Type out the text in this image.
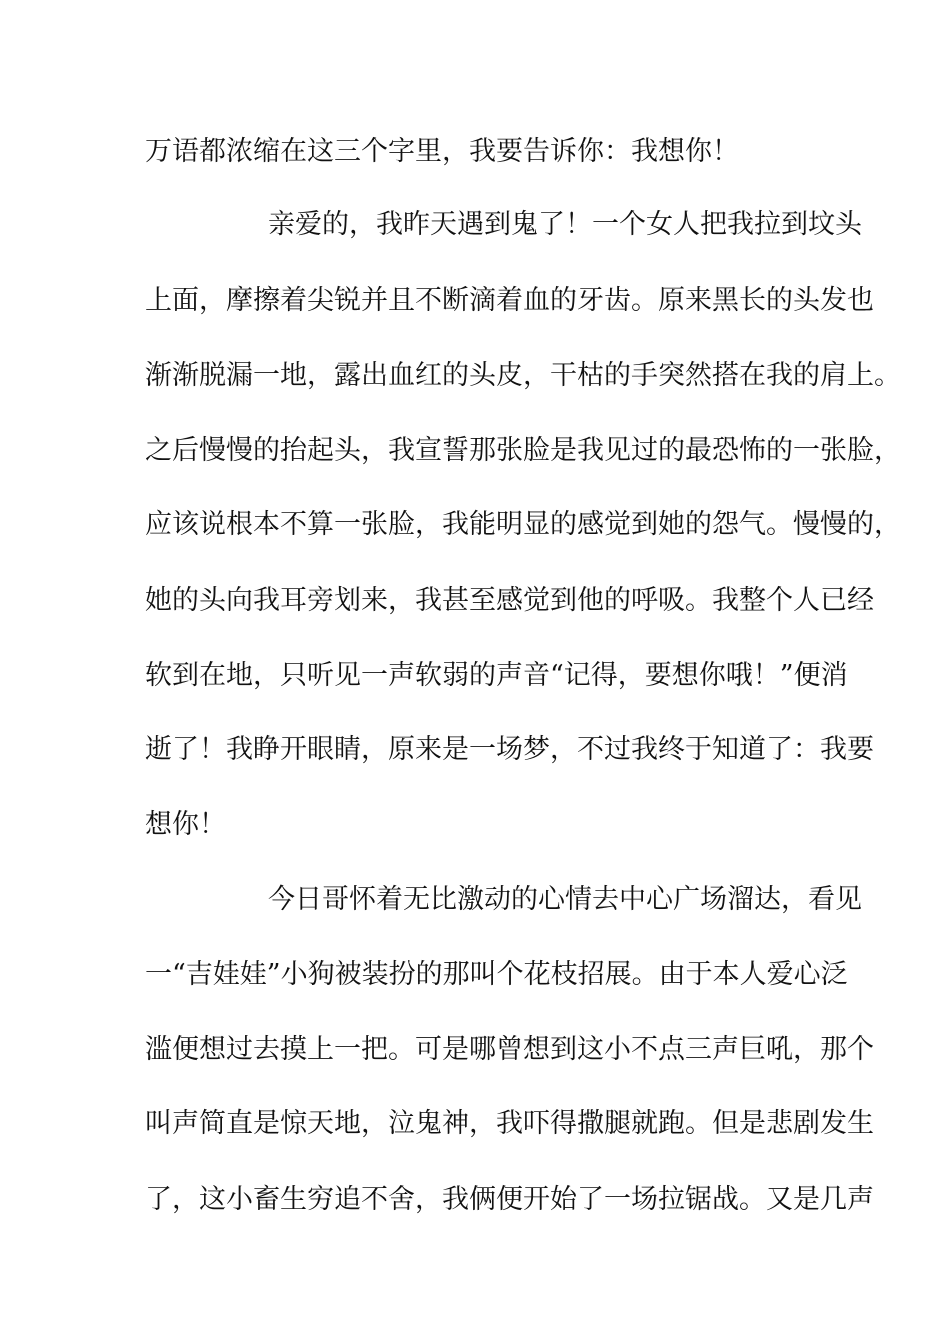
万语都浓缩在这三个字里，我要告诉你：我想你！
亲爱的，我昨天遇到鬼了！一个女人把我拉到坟头
上面，摩擦着尖锐并且不断滴着血的牙齿。原来黑长的头发也
渐渐脱漏一地，露出血红的头皮，干枯的手突然搭在我的肩上。
之后慢慢的抬起头，我宣誓那张脸是我见过的最恐怖的一张脸，
应该说根本不算一张脸，我能明显的感觉到她的怨气。慢慢的，
她的头向我耳旁划来，我甚至感觉到他的呼吸。我整个人已经
软到在地，只听见一声软弱的声音“记得，要想你哦！”便消
逝了！我睁开眼睛，原来是一场梦，不过我终于知道了：我要
想你！
今日哥怀着无比激动的心情去中心广场溜达，看见
一“吉娃娃”小狗被装扮的那叫个花枝招展。由于本人爱心泛
滥便想过去摸上一把。可是哪曾想到这小不点三声巨吼，那个
叫声简直是惊天地，泣鬼神，我吓得撒腿就跑。但是悲剧发生
了，这小畜生穷追不舍，我俩便开始了一场拉锯战。又是几声
